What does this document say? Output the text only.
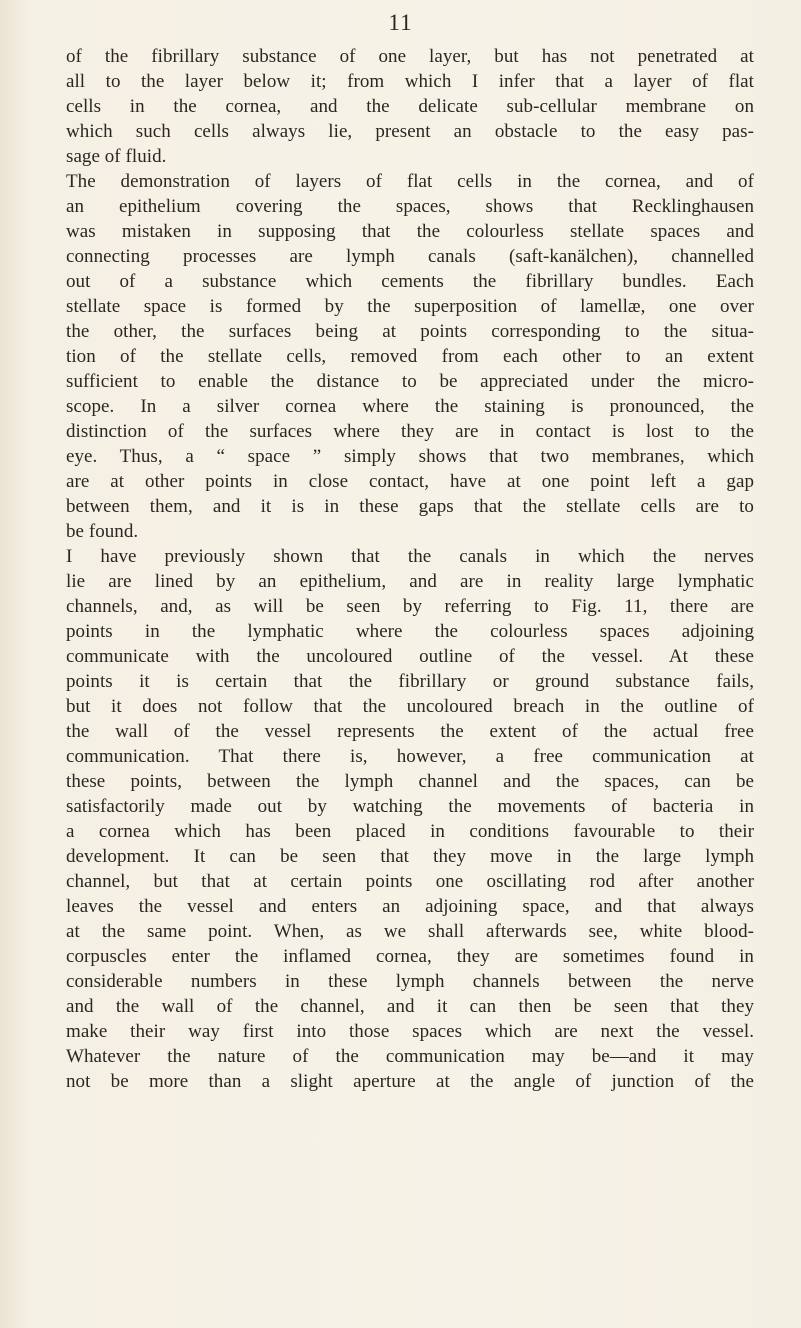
11
of the fibrillary substance of one layer, but has not penetrated at
all to the layer below it; from which I infer that a layer of flat
cells in the cornea, and the delicate sub-cellular membrane on
which such cells always lie, present an obstacle to the easy pas-
sage of fluid.
The demonstration of layers of flat cells in the cornea, and of
an epithelium covering the spaces, shows that Recklinghausen
was mistaken in supposing that the colourless stellate spaces and
connecting processes are lymph canals (saft-kanälchen), channelled
out of a substance which cements the fibrillary bundles. Each
stellate space is formed by the superposition of lamellæ, one over
the other, the surfaces being at points corresponding to the situa-
tion of the stellate cells, removed from each other to an extent
sufficient to enable the distance to be appreciated under the micro-
scope. In a silver cornea where the staining is pronounced, the
distinction of the surfaces where they are in contact is lost to the
eye. Thus, a “ space ” simply shows that two membranes, which
are at other points in close contact, have at one point left a gap
between them, and it is in these gaps that the stellate cells are to
be found.
I have previously shown that the canals in which the nerves
lie are lined by an epithelium, and are in reality large lymphatic
channels, and, as will be seen by referring to Fig. 11, there are
points in the lymphatic where the colourless spaces adjoining
communicate with the uncoloured outline of the vessel. At these
points it is certain that the fibrillary or ground substance fails,
but it does not follow that the uncoloured breach in the outline of
the wall of the vessel represents the extent of the actual free
communication. That there is, however, a free communication at
these points, between the lymph channel and the spaces, can be
satisfactorily made out by watching the movements of bacteria in
a cornea which has been placed in conditions favourable to their
development. It can be seen that they move in the large lymph
channel, but that at certain points one oscillating rod after another
leaves the vessel and enters an adjoining space, and that always
at the same point. When, as we shall afterwards see, white blood-
corpuscles enter the inflamed cornea, they are sometimes found in
considerable numbers in these lymph channels between the nerve
and the wall of the channel, and it can then be seen that they
make their way first into those spaces which are next the vessel.
Whatever the nature of the communication may be—and it may
not be more than a slight aperture at the angle of junction of the
